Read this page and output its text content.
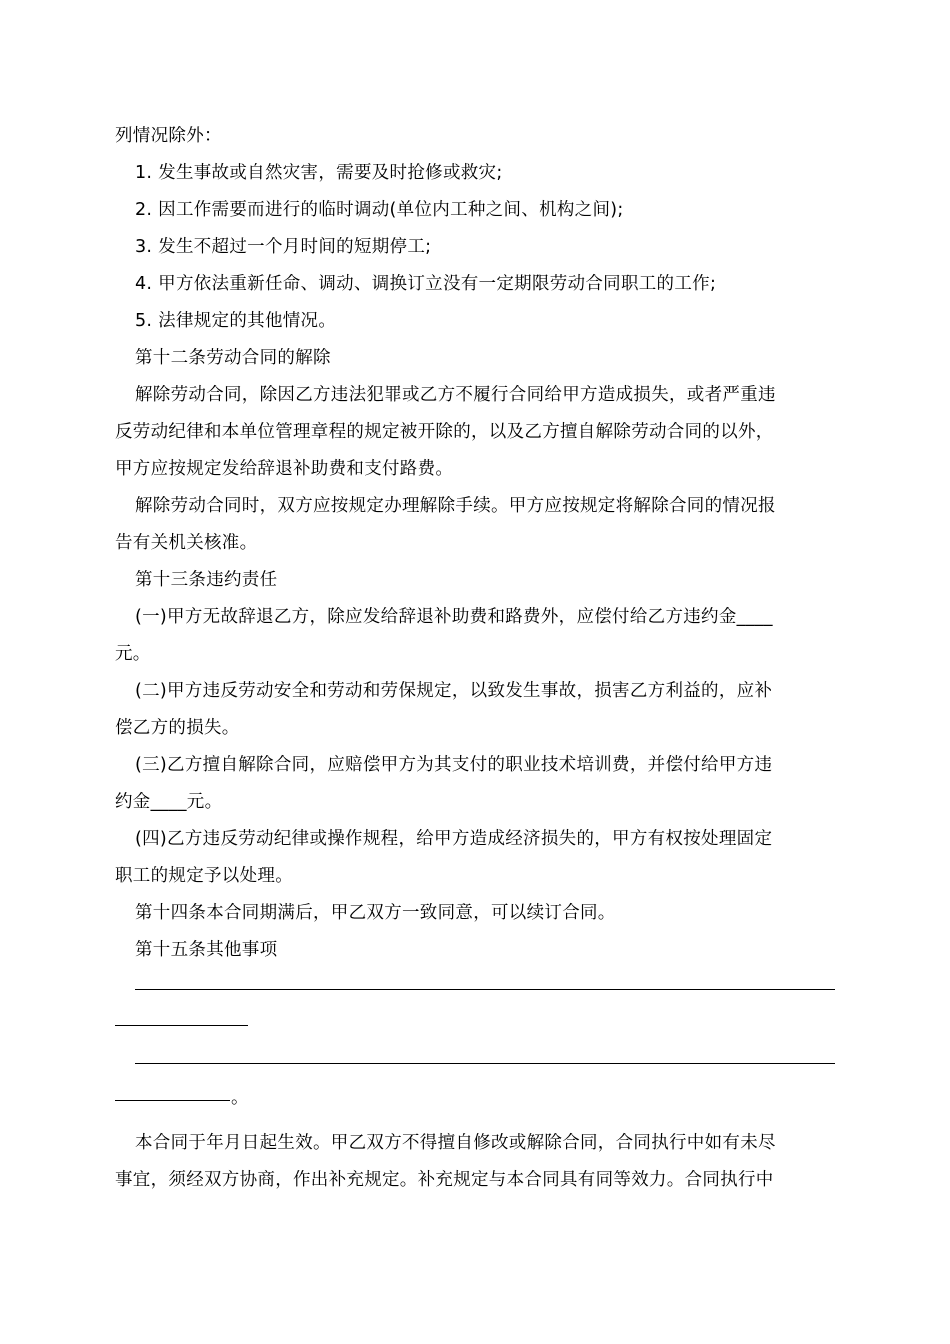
列情况除外：
1. 发生事故或自然灾害，需要及时抢修或救灾;
2. 因工作需要而进行的临时调动(单位内工种之间、机构之间);
3. 发生不超过一个月时间的短期停工;
4. 甲方依法重新任命、调动、调换订立没有一定期限劳动合同职工的工作;
5. 法律规定的其他情况。
第十二条劳动合同的解除
解除劳动合同，除因乙方违法犯罪或乙方不履行合同给甲方造成损失，或者严重违
反劳动纪律和本单位管理章程的规定被开除的，以及乙方擅自解除劳动合同的以外，
甲方应按规定发给辞退补助费和支付路费。
解除劳动合同时，双方应按规定办理解除手续。甲方应按规定将解除合同的情况报
告有关机关核准。
第十三条违约责任
(一)甲方无故辞退乙方，除应发给辞退补助费和路费外，应偿付给乙方违约金____
元。
(二)甲方违反劳动安全和劳动和劳保规定，以致发生事故，损害乙方利益的，应补
偿乙方的损失。
(三)乙方擅自解除合同，应赔偿甲方为其支付的职业技术培训费，并偿付给甲方违
约金____元。
(四)乙方违反劳动纪律或操作规程，给甲方造成经济损失的，甲方有权按处理固定
职工的规定予以处理。
第十四条本合同期满后，甲乙双方一致同意，可以续订合同。
第十五条其他事项
。
本合同于年月日起生效。甲乙双方不得擅自修改或解除合同，合同执行中如有未尽
事宜，须经双方协商，作出补充规定。补充规定与本合同具有同等效力。合同执行中
